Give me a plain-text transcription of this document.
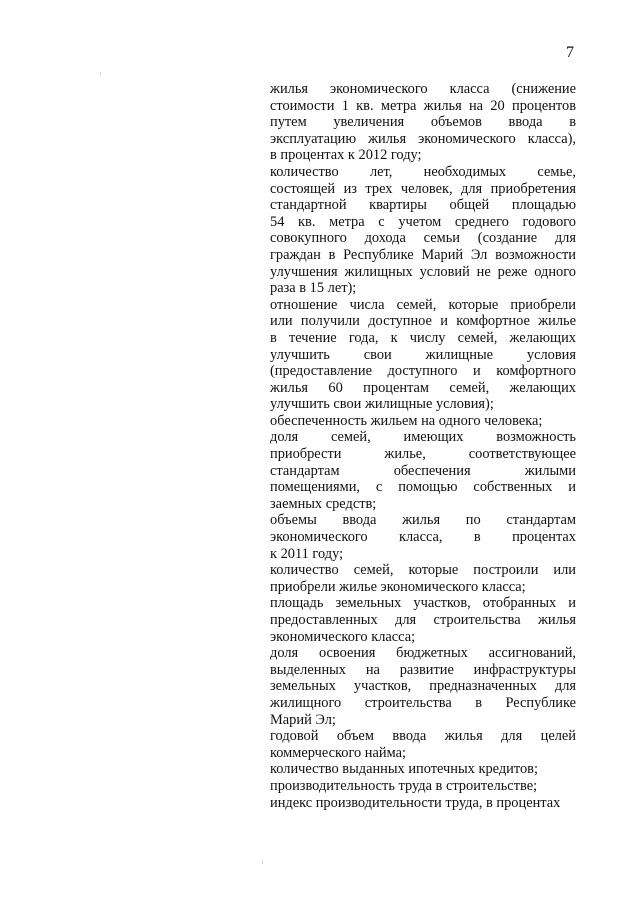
7
жилья экономического класса (снижение
стоимости 1 кв. метра жилья на 20 процентов
путем увеличения объемов ввода в
эксплуатацию жилья экономического класса),
в процентах к 2012 году;
количество лет, необходимых семье,
состоящей из трех человек, для приобретения
стандартной квартиры общей площадью
54 кв. метра с учетом среднего годового
совокупного дохода семьи (создание для
граждан в Республике Марий Эл возможности
улучшения жилищных условий не реже одного
раза в 15 лет);
отношение числа семей, которые приобрели
или получили доступное и комфортное жилье
в течение года, к числу семей, желающих
улучшить свои жилищные условия
(предоставление доступного и комфортного
жилья 60 процентам семей, желающих
улучшить свои жилищные условия);
обеспеченность жильем на одного человека;
доля семей, имеющих возможность
приобрести жилье, соответствующее
стандартам обеспечения жилыми
помещениями, с помощью собственных и
заемных средств;
объемы ввода жилья по стандартам
экономического класса, в процентах
к 2011 году;
количество семей, которые построили или
приобрели жилье экономического класса;
площадь земельных участков, отобранных и
предоставленных для строительства жилья
экономического класса;
доля освоения бюджетных ассигнований,
выделенных на развитие инфраструктуры
земельных участков, предназначенных для
жилищного строительства в Республике
Марий Эл;
годовой объем ввода жилья для целей
коммерческого найма;
количество выданных ипотечных кредитов;
производительность труда в строительстве;
индекс производительности труда, в процентах
